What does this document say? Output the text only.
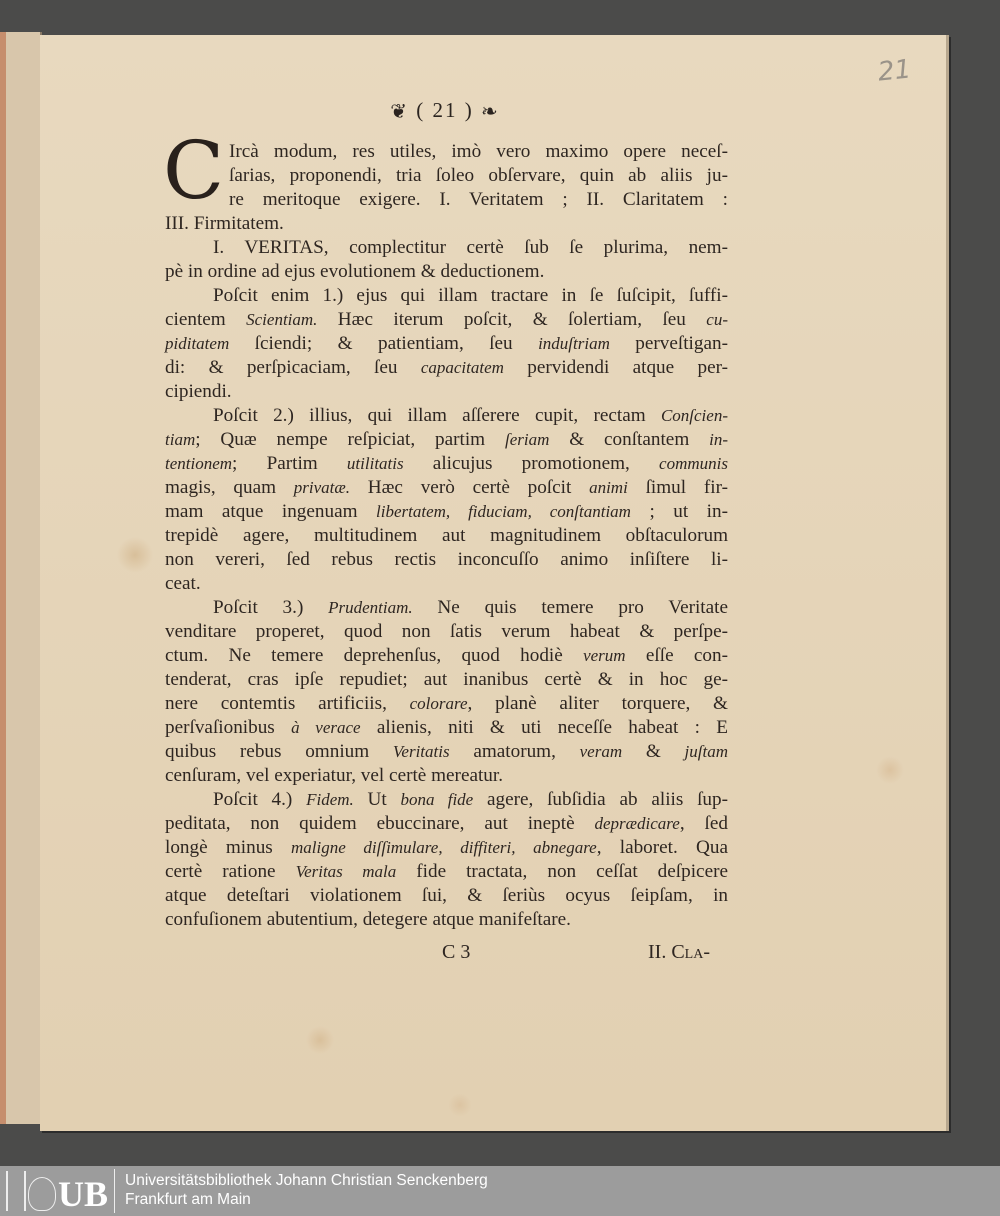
21
❦ ( 21 ) ❧
C Ircà modum, res utiles, imò vero maximo opere neceſ-
ſarias, proponendi, tria ſoleo obſervare, quin ab aliis ju-
re meritoque exigere. I. Veritatem ; II. Claritatem :
III. Firmitatem.
I. VERITAS, complectitur certè ſub ſe plurima, nem-
pè in ordine ad ejus evolutionem & deductionem.
Poſcit enim 1.) ejus qui illam tractare in ſe ſuſcipit, ſuffi-
cientem Scientiam. Hæc iterum poſcit, & ſolertiam, ſeu cu-
piditatem ſciendi; & patientiam, ſeu induſtriam perveſtigan-
di: & perſpicaciam, ſeu capacitatem pervidendi atque per-
cipiendi.
Poſcit 2.) illius, qui illam aſſerere cupit, rectam Conſcien-
tiam; Quæ nempe reſpiciat, partim ſeriam & conſtantem in-
tentionem; Partim utilitatis alicujus promotionem, communis
magis, quam privatæ. Hæc verò certè poſcit animi ſimul fir-
mam atque ingenuam libertatem, fiduciam, conſtantiam ; ut in-
trepidè agere, multitudinem aut magnitudinem obſtaculorum
non vereri, ſed rebus rectis inconcuſſo animo inſiſtere li-
ceat.
Poſcit 3.) Prudentiam. Ne quis temere pro Veritate
venditare properet, quod non ſatis verum habeat & perſpe-
ctum. Ne temere deprehenſus, quod hodiè verum eſſe con-
tenderat, cras ipſe repudiet; aut inanibus certè & in hoc ge-
nere contemtis artificiis, colorare, planè aliter torquere, &
perſvaſionibus à verace alienis, niti & uti neceſſe habeat : E
quibus rebus omnium Veritatis amatorum, veram & juſtam
cenſuram, vel experiatur, vel certè mereatur.
Poſcit 4.) Fidem. Ut bona fide agere, ſubſidia ab aliis ſup-
peditata, non quidem ebuccinare, aut ineptè deprædicare, ſed
longè minus maligne diſſimulare, diffiteri, abnegare, laboret. Qua
certè ratione Veritas mala fide tractata, non ceſſat deſpicere
atque deteſtari violationem ſui, & ſeriùs ocyus ſeipſam, in
confuſionem abutentium, detegere atque manifeſtare.
C 3	II. Cla-
UB Universitätsbibliothek Johann Christian Senckenberg
Frankfurt am Main
